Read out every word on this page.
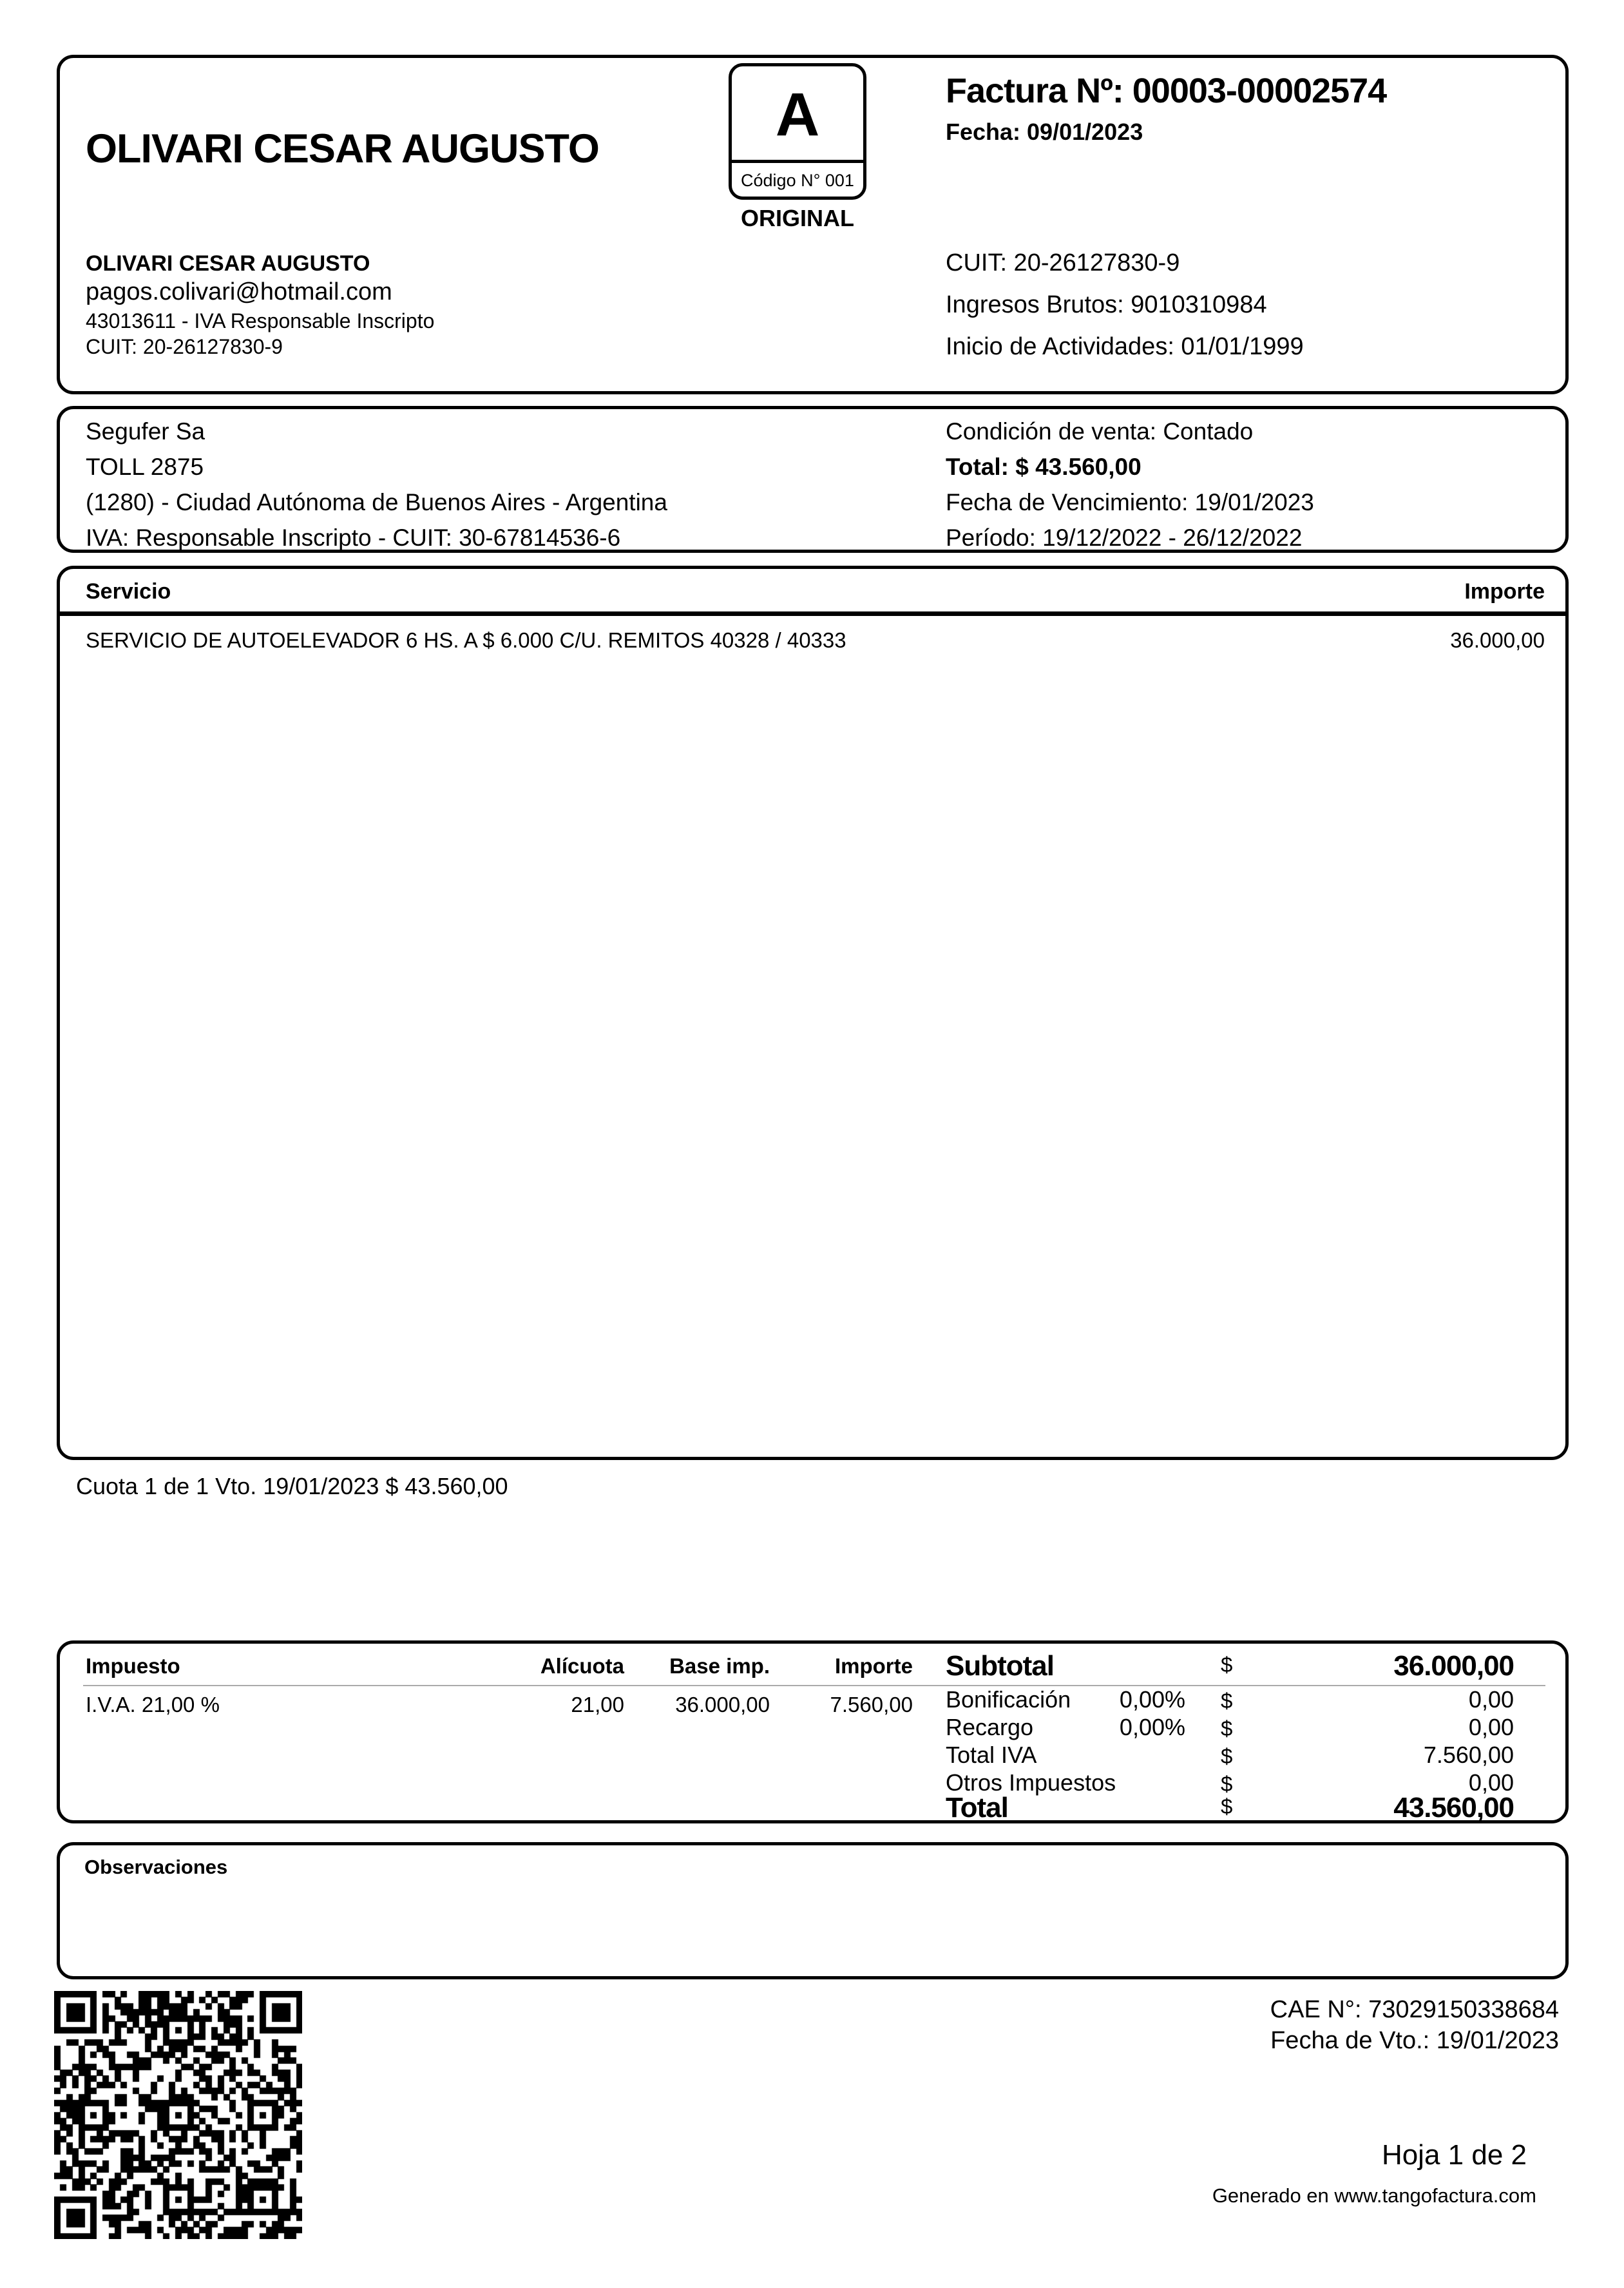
OLIVARI CESAR AUGUSTO	A
Código N° 001
ORIGINAL
Factura Nº: 00003-00002574
Fecha: 09/01/2023
OLIVARI CESAR AUGUSTO
pagos.colivari@hotmail.com
43013611 - IVA Responsable Inscripto
CUIT: 20-26127830-9
CUIT: 20-26127830-9
Ingresos Brutos: 9010310984
Inicio de Actividades: 01/01/1999
Segufer Sa
TOLL 2875
(1280) - Ciudad Autónoma de Buenos Aires - Argentina
IVA: Responsable Inscripto - CUIT: 30-67814536-6
Condición de venta: Contado
Total: $ 43.560,00
Fecha de Vencimiento: 19/01/2023
Período: 19/12/2022 - 26/12/2022
Servicio	Importe
SERVICIO DE AUTOELEVADOR 6 HS. A $ 6.000 C/U. REMITOS 40328 / 40333	36.000,00
Cuota 1 de 1 Vto. 19/01/2023 $ 43.560,00
Impuesto	Alícuota	Base imp.	Importe
I.V.A. 21,00 %	21,00	36.000,00	7.560,00
Subtotal	$	36.000,00
Bonificación	0,00% $	0,00
Recargo	0,00% $	0,00
Total IVA	$	7.560,00
Otros Impuestos	$	0,00
Total	$	43.560,00
Observaciones
CAE N°: 73029150338684
Fecha de Vto.: 19/01/2023
Hoja 1 de 2
Generado en www.tangofactura.com
